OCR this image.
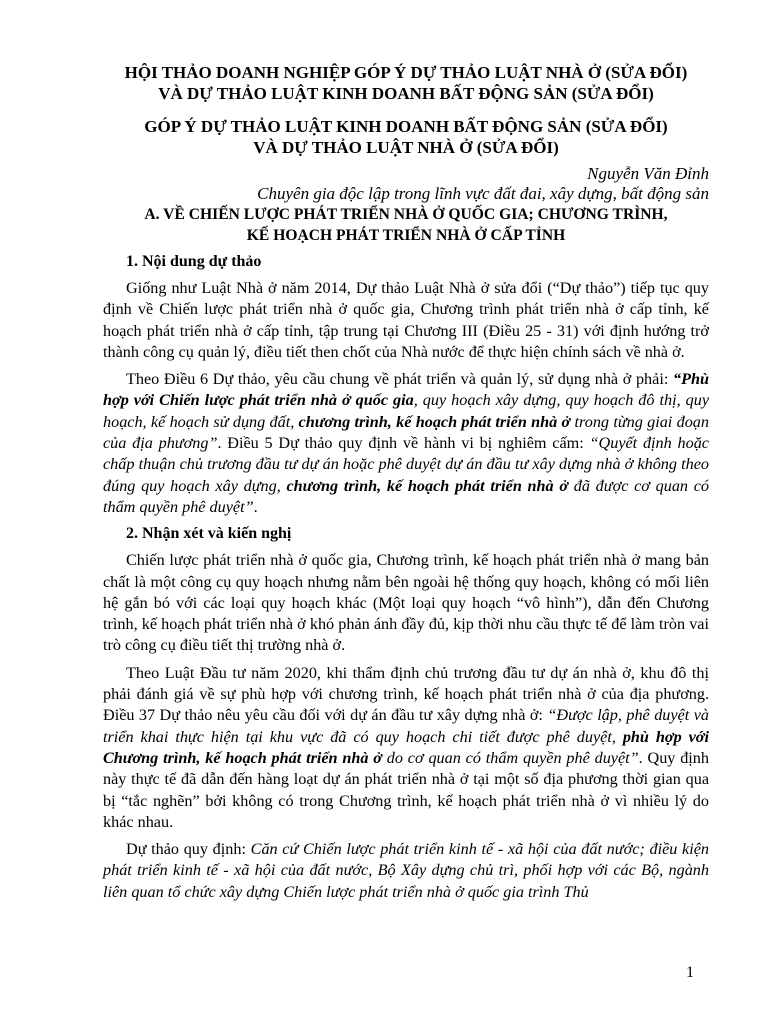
HỘI THẢO DOANH NGHIỆP GÓP Ý DỰ THẢO LUẬT NHÀ Ở (SỬA ĐỔI)
VÀ DỰ THẢO LUẬT KINH DOANH BẤT ĐỘNG SẢN (SỬA ĐỔI)

GÓP Ý DỰ THẢO LUẬT KINH DOANH BẤT ĐỘNG SẢN (SỬA ĐỔI)
VÀ DỰ THẢO LUẬT NHÀ Ở (SỬA ĐỔI)

Nguyễn Văn Đỉnh
Chuyên gia độc lập trong lĩnh vực đất đai, xây dựng, bất động sản

A. VỀ CHIẾN LƯỢC PHÁT TRIỂN NHÀ Ở QUỐC GIA; CHƯƠNG TRÌNH,
KẾ HOẠCH PHÁT TRIỂN NHÀ Ở CẤP TỈNH

1. Nội dung dự thảo

Giống như Luật Nhà ở năm 2014, Dự thảo Luật Nhà ở sửa đổi (“Dự thảo”) tiếp tục quy định về Chiến lược phát triển nhà ở quốc gia, Chương trình phát triển nhà ở cấp tỉnh, kế hoạch phát triển nhà ở cấp tỉnh, tập trung tại Chương III (Điều 25 - 31) với định hướng trở thành công cụ quản lý, điều tiết then chốt của Nhà nước để thực hiện chính sách về nhà ở.

Theo Điều 6 Dự thảo, yêu cầu chung về phát triển và quản lý, sử dụng nhà ở phải: “Phù hợp với Chiến lược phát triển nhà ở quốc gia, quy hoạch xây dựng, quy hoạch đô thị, quy hoạch, kế hoạch sử dụng đất, chương trình, kế hoạch phát triển nhà ở trong từng giai đoạn của địa phương”. Điều 5 Dự thảo quy định về hành vi bị nghiêm cấm: “Quyết định hoặc chấp thuận chủ trương đầu tư dự án hoặc phê duyệt dự án đầu tư xây dựng nhà ở không theo đúng quy hoạch xây dựng, chương trình, kế hoạch phát triển nhà ở đã được cơ quan có thẩm quyền phê duyệt”.

2. Nhận xét và kiến nghị

Chiến lược phát triển nhà ở quốc gia, Chương trình, kế hoạch phát triển nhà ở mang bản chất là một công cụ quy hoạch nhưng nằm bên ngoài hệ thống quy hoạch, không có mối liên hệ gắn bó với các loại quy hoạch khác (Một loại quy hoạch “vô hình”), dẫn đến Chương trình, kế hoạch phát triển nhà ở khó phản ánh đầy đủ, kịp thời nhu cầu thực tế để làm tròn vai trò công cụ điều tiết thị trường nhà ở.

Theo Luật Đầu tư năm 2020, khi thẩm định chủ trương đầu tư dự án nhà ở, khu đô thị phải đánh giá về sự phù hợp với chương trình, kế hoạch phát triển nhà ở của địa phương. Điều 37 Dự thảo nêu yêu cầu đối với dự án đầu tư xây dựng nhà ở: “Được lập, phê duyệt và triển khai thực hiện tại khu vực đã có quy hoạch chi tiết được phê duyệt, phù hợp với Chương trình, kế hoạch phát triển nhà ở do cơ quan có thẩm quyền phê duyệt”. Quy định này thực tế đã dẫn đến hàng loạt dự án phát triển nhà ở tại một số địa phương thời gian qua bị “tắc nghẽn” bởi không có trong Chương trình, kế hoạch phát triển nhà ở vì nhiều lý do khác nhau.

Dự thảo quy định: Căn cứ Chiến lược phát triển kinh tế - xã hội của đất nước; điều kiện phát triển kinh tế - xã hội của đất nước, Bộ Xây dựng chủ trì, phối hợp với các Bộ, ngành liên quan tổ chức xây dựng Chiến lược phát triển nhà ở quốc gia trình Thủ

1
